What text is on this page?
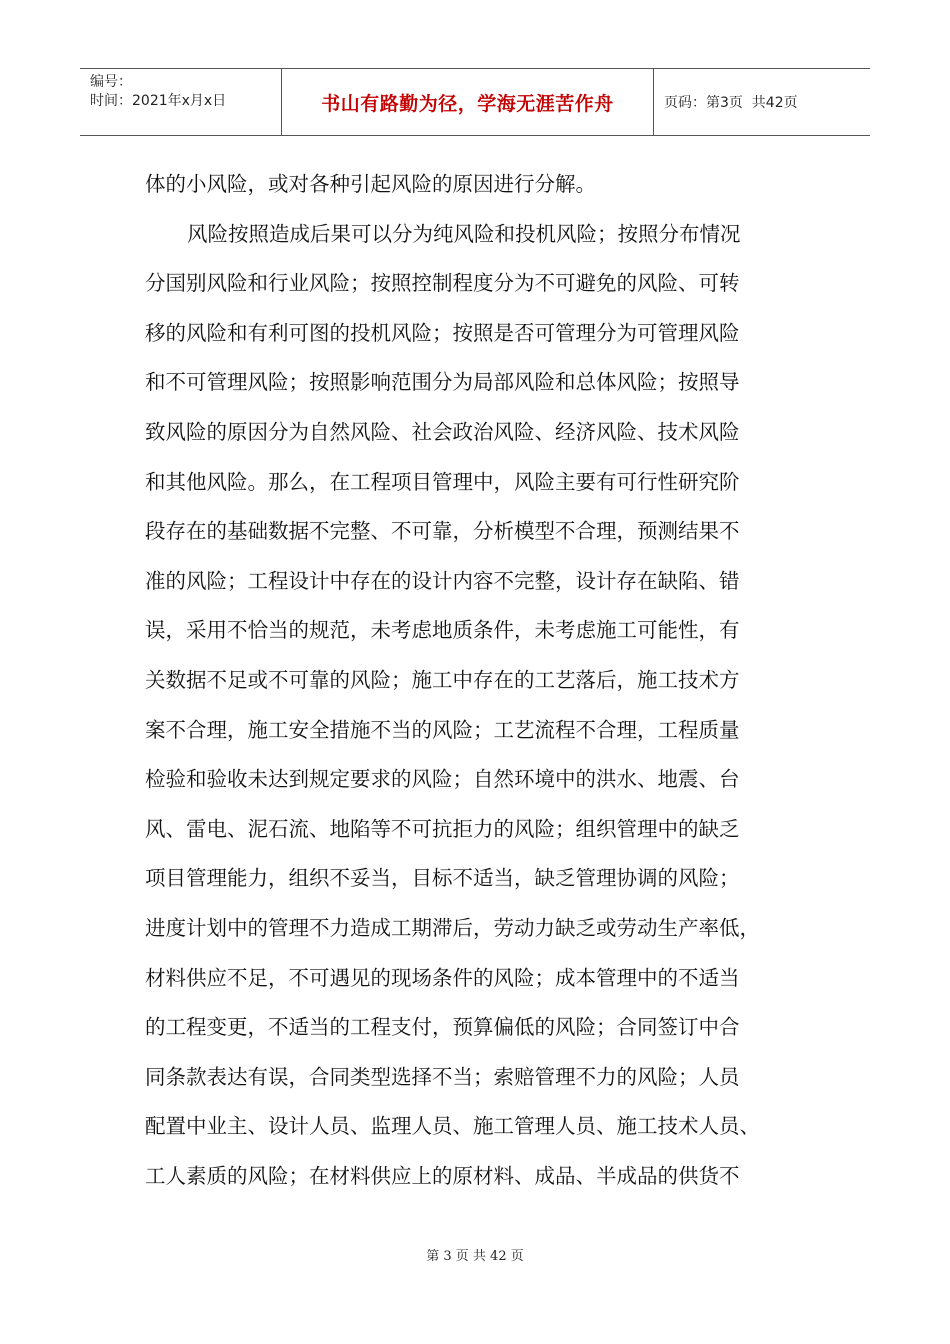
编号：
时间：2021年x月x日	书山有路勤为径，学海无涯苦作舟	页码：第3页  共42页
体的小风险，或对各种引起风险的原因进行分解。
风险按照造成后果可以分为纯风险和投机风险；按照分布情况
分国别风险和行业风险；按照控制程度分为不可避免的风险、可转
移的风险和有利可图的投机风险；按照是否可管理分为可管理风险
和不可管理风险；按照影响范围分为局部风险和总体风险；按照导
致风险的原因分为自然风险、社会政治风险、经济风险、技术风险
和其他风险。那么，在工程项目管理中，风险主要有可行性研究阶
段存在的基础数据不完整、不可靠，分析模型不合理，预测结果不
准的风险；工程设计中存在的设计内容不完整，设计存在缺陷、错
误，采用不恰当的规范，未考虑地质条件，未考虑施工可能性，有
关数据不足或不可靠的风险；施工中存在的工艺落后，施工技术方
案不合理，施工安全措施不当的风险；工艺流程不合理，工程质量
检验和验收未达到规定要求的风险；自然环境中的洪水、地震、台
风、雷电、泥石流、地陷等不可抗拒力的风险；组织管理中的缺乏
项目管理能力，组织不妥当，目标不适当，缺乏管理协调的风险；
进度计划中的管理不力造成工期滞后，劳动力缺乏或劳动生产率低，
材料供应不足，不可遇见的现场条件的风险；成本管理中的不适当
的工程变更，不适当的工程支付，预算偏低的风险；合同签订中合
同条款表达有误，合同类型选择不当；索赔管理不力的风险；人员
配置中业主、设计人员、监理人员、施工管理人员、施工技术人员、
工人素质的风险；在材料供应上的原材料、成品、半成品的供货不
第 3 页 共 42 页
